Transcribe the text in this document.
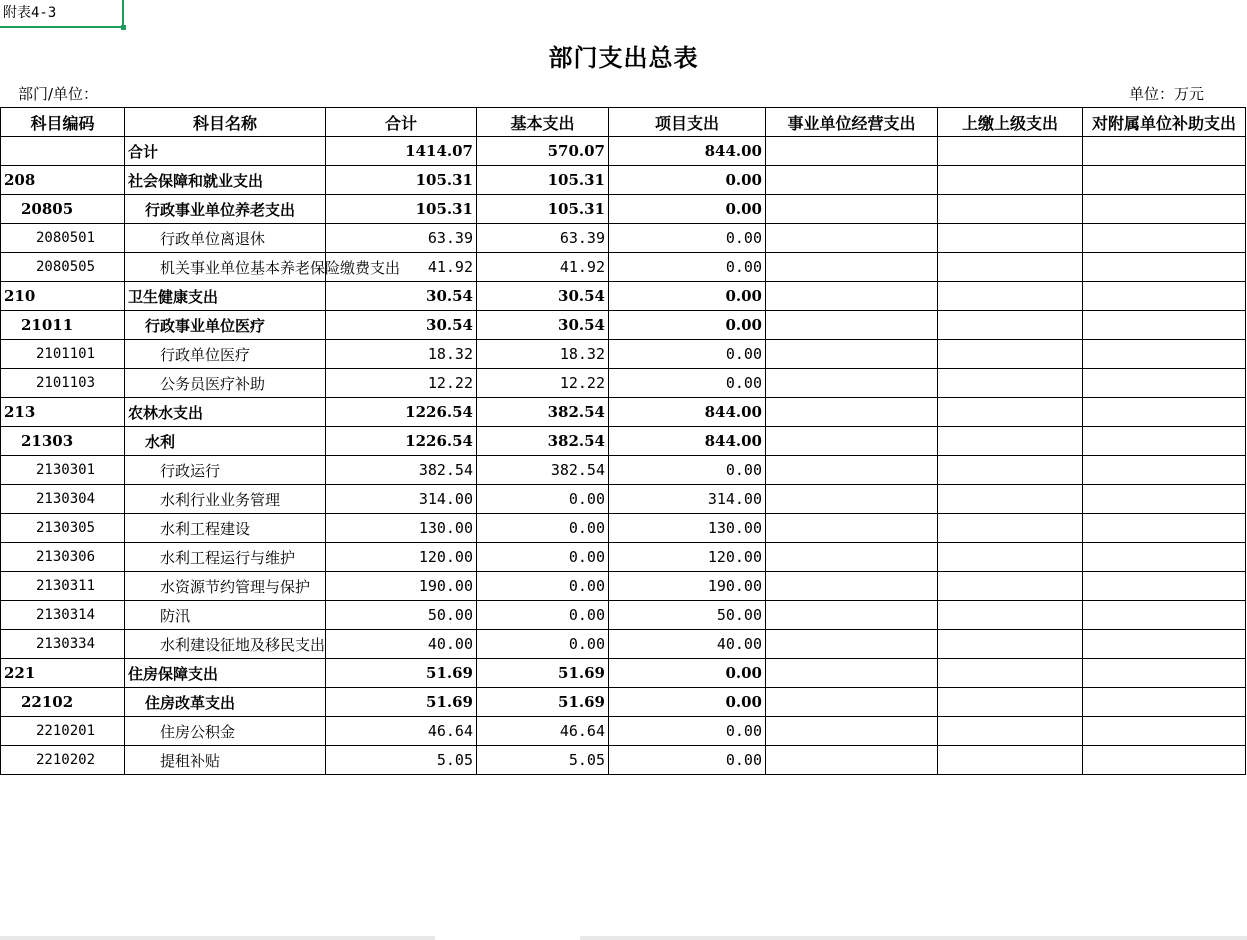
附表4-3
部门支出总表
部门/单位：	单位：万元
科目编码	科目名称	合计	基本支出	项目支出	事业单位经营支出	上缴上级支出	对附属单位补助支出
	合计	1414.07	570.07	844.00			
208	社会保障和就业支出	105.31	105.31	0.00			
20805	行政事业单位养老支出	105.31	105.31	0.00			
2080501	行政单位离退休	63.39	63.39	0.00			
2080505	机关事业单位基本养老保险缴费支出	41.92	41.92	0.00			
210	卫生健康支出	30.54	30.54	0.00			
21011	行政事业单位医疗	30.54	30.54	0.00			
2101101	行政单位医疗	18.32	18.32	0.00			
2101103	公务员医疗补助	12.22	12.22	0.00			
213	农林水支出	1226.54	382.54	844.00			
21303	水利	1226.54	382.54	844.00			
2130301	行政运行	382.54	382.54	0.00			
2130304	水利行业业务管理	314.00	0.00	314.00			
2130305	水利工程建设	130.00	0.00	130.00			
2130306	水利工程运行与维护	120.00	0.00	120.00			
2130311	水资源节约管理与保护	190.00	0.00	190.00			
2130314	防汛	50.00	0.00	50.00			
2130334	水利建设征地及移民支出	40.00	0.00	40.00			
221	住房保障支出	51.69	51.69	0.00			
22102	住房改革支出	51.69	51.69	0.00			
2210201	住房公积金	46.64	46.64	0.00			
2210202	提租补贴	5.05	5.05	0.00			
